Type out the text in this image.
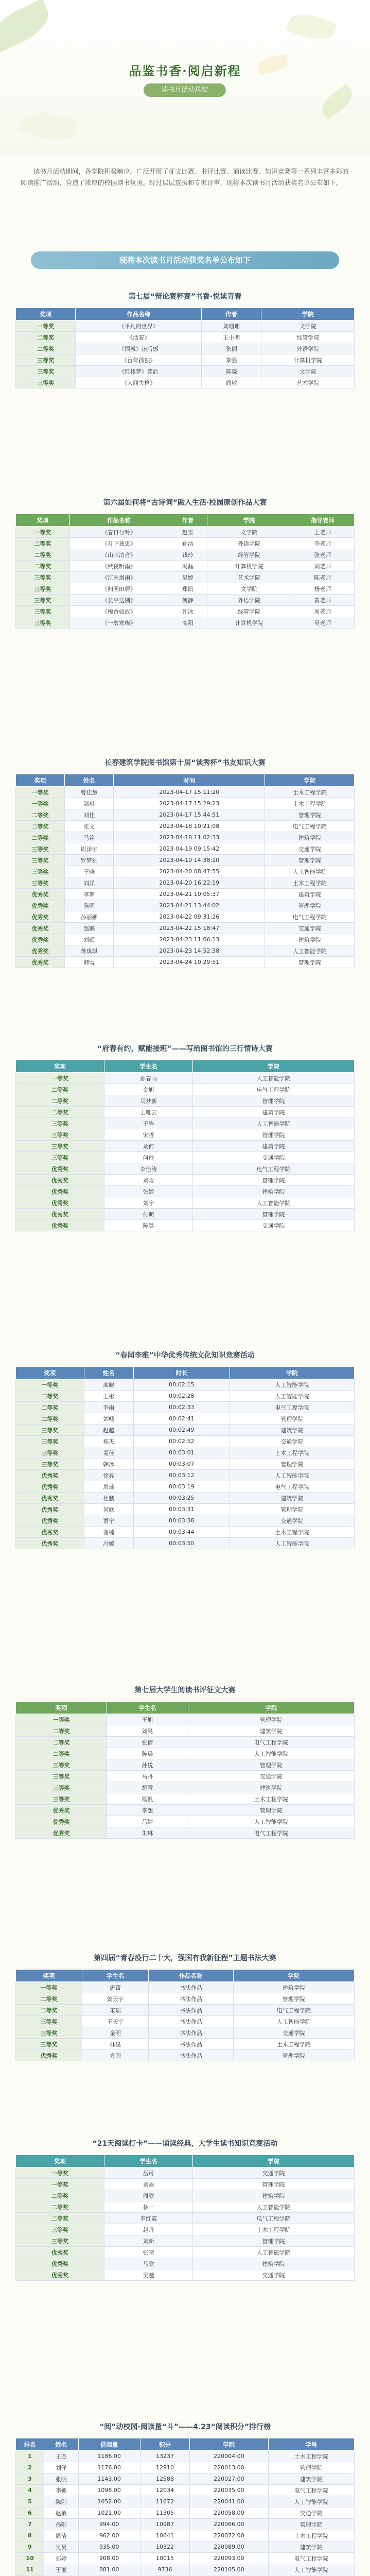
品鉴书香·阅启新程
读书月活动总结

读书月活动期间，各学院积极响应，广泛开展了征文比赛、书评比赛、诵读比赛、知识竞赛等一系列丰富多彩的阅读推广活动，营造了浓厚的校园读书氛围。经过层层选拔和专家评审，现将本次读书月活动获奖名单公布如下。

现将本次读书月活动获奖名单公布如下
第七届“辩论赛杯赛”书香·悦读青春
奖项	作品名称	作者	学院
一等奖	《平凡的世界》	刘珊珊	文学院
二等奖	《活着》	王小明	经管学院
二等奖	《围城》读后感	张丽	外语学院
三等奖	《百年孤独》	李强	计算机学院
三等奖	《红楼梦》读后	陈晓	文学院
三等奖	《人间失格》	周敏	艺术学院
第六届如何将“古诗词”融入生活·校园原创作品大赛
奖项	作品名称	作者	学院	指导老师
一等奖	《春日行吟》	赵雪	文学院	王老师
二等奖	《月下独思》	孙浩	外语学院	李老师
二等奖	《山水清音》	钱玲	经管学院	张老师
二等奖	《秋夜听雨》	冯磊	计算机学院	刘老师
三等奖	《江南烟雨》	吴婷	艺术学院	陈老师
三等奖	《归园田居》	郑凯	文学院	杨老师
三等奖	《长亭送别》	何静	外语学院	黄老师
三等奖	《梅香如故》	许冰	经管学院	周老师
三等奖	《一剪寒梅》	高阳	计算机学院	吴老师
长春建筑学院图书馆第十届“读秀杯”书友知识大赛
奖项	姓名	时间	学院
一等奖	曹佳慧	2023-04-17 15:11:20	土木工程学院
一等奖	邹琪	2023-04-17 15:29:23	土木工程学院
二等奖	刘佳	2023-04-17 15:44:51	管理学院
二等奖	张文	2023-04-18 10:21:08	电气工程学院
二等奖	马铭	2023-04-18 11:02:33	建筑学院
三等奖	周泽宇	2023-04-19 09:15:42	交通学院
三等奖	罗梦雅	2023-04-19 14:38:10	管理学院
三等奖	王晓	2023-04-20 08:47:55	人工智能学院
三等奖	刘洋	2023-04-20 16:22:19	土木工程学院
优秀奖	李梦	2023-04-21 10:05:37	建筑学院
优秀奖	陈明	2023-04-21 13:44:02	管理学院
优秀奖	孙丽娜	2023-04-22 09:31:26	电气工程学院
优秀奖	赵鹏	2023-04-22 15:18:47	交通学院
优秀奖	刘硕	2023-04-23 11:06:13	建筑学院
优秀奖	蒋琪琪	2023-04-23 14:52:38	人工智能学院
优秀奖	韩雪	2023-04-24 10:29:51	管理学院
“府春有约，赋能接班”——写给图书馆的三行情诗大赛
奖项	学生名	学院
一等奖	孙春雨	人工智能学院
二等奖	金旭	电气工程学院
二等奖	马梦新	管理学院
二等奖	王唯云	建筑学院
三等奖	王岩	人工智能学院
三等奖	宋哲	管理学院
三等奖	刘何	建筑学院
三等奖	何玲	交通学院
优秀奖	李佳涛	电气工程学院
优秀奖	刘雪	管理学院
优秀奖	张婷	建筑学院
优秀奖	刘宇	人工智能学院
优秀奖	付萌	管理学院
优秀奖	陈昊	交通学院
“春闻李雅”中华优秀传统文化知识竞赛活动
奖项	姓名	时长	学院
一等奖	高晓	00:02:15	人工智能学院
二等奖	王彬	00:02:28	人工智能学院
二等奖	李雨	00:02:33	电气工程学院
二等奖	刘畅	00:02:41	管理学院
三等奖	赵越	00:02:49	建筑学院
三等奖	郑杰	00:02:52	交通学院
三等奖	孟佳	00:03:01	土木工程学院
三等奖	韩冰	00:03:07	管理学院
优秀奖	徐亮	00:03:12	人工智能学院
优秀奖	周琦	00:03:19	电气工程学院
优秀奖	杜鹏	00:03:25	建筑学院
优秀奖	何欣	00:03:31	管理学院
优秀奖	贾宁	00:03:38	交通学院
优秀奖	谢楠	00:03:44	土木工程学院
优秀奖	冯媛	00:03:50	人工智能学院
第七届大学生阅读书评征文大赛
奖项	学生名	学院
一等奖	王旭	管理学院
二等奖	刘昊	建筑学院
二等奖	张倩	电气工程学院
二等奖	陈晨	人工智能学院
三等奖	孙悦	管理学院
三等奖	马丹	交通学院
三等奖	胡雪	建筑学院
三等奖	杨帆	土木工程学院
优秀奖	李想	管理学院
优秀奖	吕婷	人工智能学院
优秀奖	朱琳	电气工程学院
第四届“青春疫行二十大，强国有我新征程”主题书法大赛
奖项	学生名	作品名称	学院
一等奖	唐蕾	书法作品	建筑学院
二等奖	刘天宇	书法作品	管理学院
二等奖	宋瑶	书法作品	电气工程学院
三等奖	王天宇	书法作品	人工智能学院
三等奖	金明	书法作品	交通学院
三等奖	林墨	书法作品	土木工程学院
优秀奖	方圆	书法作品	管理学院
“21天阅读打卡”——诵读经典，大学生读书知识竞赛活动
奖项	学生名	学院
一等奖	岳可	交通学院
一等奖	刘雨	管理学院
二等奖	周欣	建筑学院
二等奖	林一	人工智能学院
二等奖	李红霞	电气工程学院
三等奖	赵丹	土木工程学院
三等奖	刘新	管理学院
优秀奖	张晴	人工智能学院
优秀奖	马欣	建筑学院
优秀奖	吴越	交通学院
“阅”动校园·阅读量“斗”——4.23“阅读积分”排行榜
排名	姓名	借阅量	积分	学院	学号
1	王杰	1186.00	13237	220004.00	土木工程学院
2	刘洋	1176.00	12910	220013.00	管理学院
3	张明	1143.00	12588	220027.00	建筑学院
4	李娜	1098.00	12034	220035.00	电气工程学院
5	陈刚	1052.00	11672	220041.00	人工智能学院
6	赵敏	1021.00	11305	220058.00	交通学院
7	孙阳	994.00	10987	220066.00	管理学院
8	周洁	962.00	10641	220072.00	土木工程学院
9	吴昊	935.00	10322	220089.00	建筑学院
10	郑婷	908.00	10015	220093.00	电气工程学院
11	王丽	881.00	9736	220105.00	人工智能学院
